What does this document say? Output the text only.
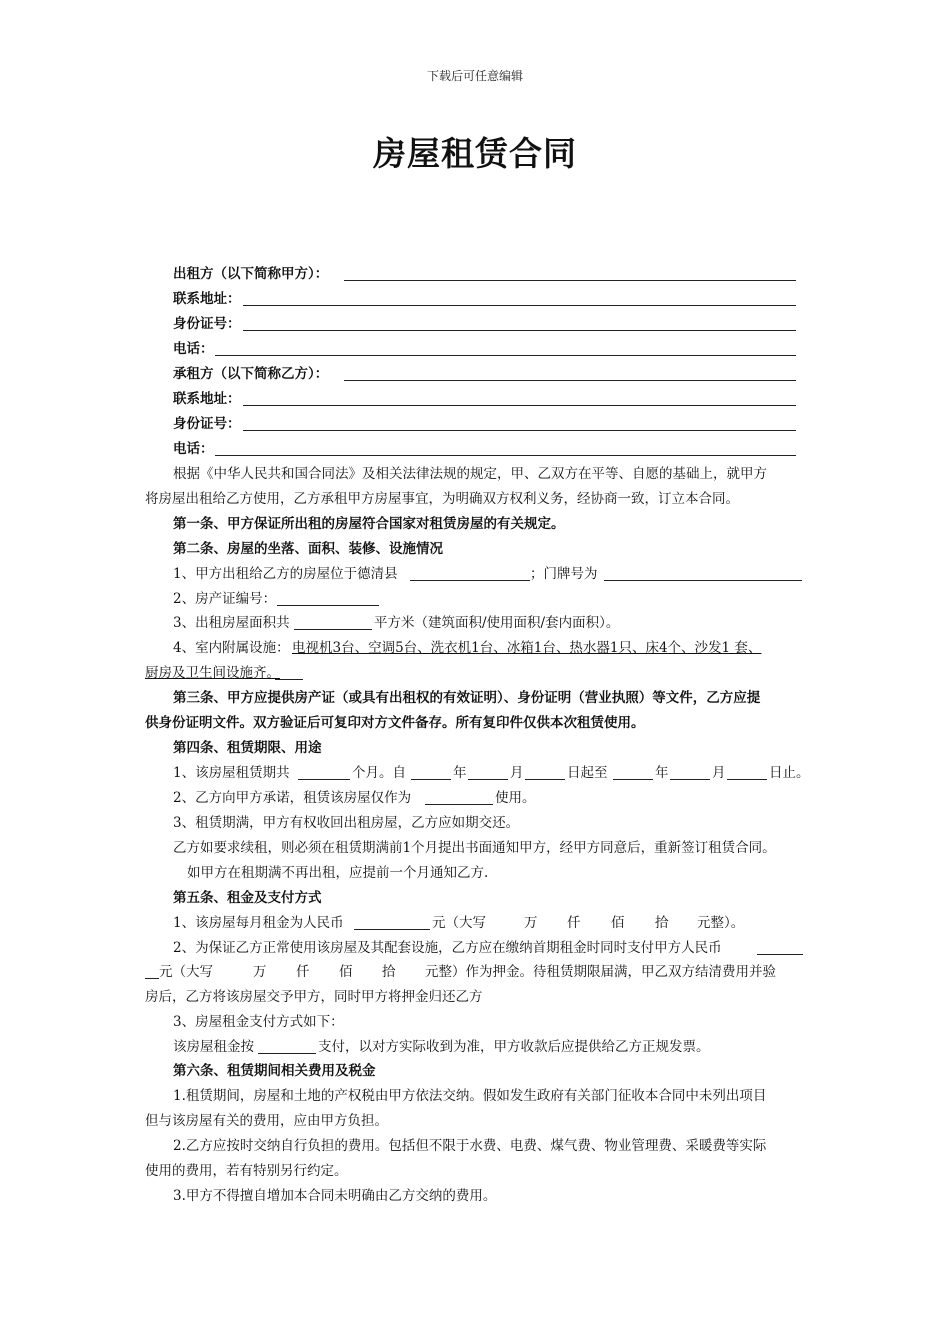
下载后可任意编辑
房屋租赁合同
出租方（以下简称甲方）：
联系地址：
身份证号：
电话：
承租方（以下简称乙方）：
联系地址：
身份证号：
电话：
根据《中华人民共和国合同法》及相关法律法规的规定，甲、乙双方在平等、自愿的基础上，就甲方
将房屋出租给乙方使用，乙方承租甲方房屋事宜，为明确双方权利义务，经协商一致，订立本合同。
第一条、甲方保证所出租的房屋符合国家对租赁房屋的有关规定。
第二条、房屋的坐落、面积、装修、设施情况
1、甲方出租给乙方的房屋位于德清县	；门牌号为
2、房产证编号：
3、出租房屋面积共	平方米（建筑面积/使用面积/套内面积）。
4、室内附属设施： 电视机3台、空调5台、洗衣机1台、冰箱1台、热水器1只、床4个、沙发1 套、
厨房及卫生间设施齐。
第三条、甲方应提供房产证（或具有出租权的有效证明）、身份证明（营业执照）等文件，乙方应提
供身份证明文件。双方验证后可复印对方文件备存。所有复印件仅供本次租赁使用。
第四条、租赁期限、用途
1、该房屋租赁期共	个月。自	年	月	日起至	年	月	日止。
2、乙方向甲方承诺，租赁该房屋仅作为	使用。
3、租赁期满，甲方有权收回出租房屋，乙方应如期交还。
乙方如要求续租，则必须在租赁期满前1个月提出书面通知甲方，经甲方同意后，重新签订租赁合同。
如甲方在租期满不再出租，应提前一个月通知乙方.
第五条、租金及支付方式
1、该房屋每月租金为人民币	元（大写	万 仟 佰 拾 元整）。
2、为保证乙方正常使用该房屋及其配套设施，乙方应在缴纳首期租金时同时支付甲方人民币
元（大写	万 仟 佰 拾 元整）作为押金。待租赁期限届满，甲乙双方结清费用并验
房后，乙方将该房屋交予甲方，同时甲方将押金归还乙方
3、房屋租金支付方式如下：
该房屋租金按	支付，以对方实际收到为准，甲方收款后应提供给乙方正规发票。
第六条、租赁期间相关费用及税金
1.租赁期间，房屋和土地的产权税由甲方依法交纳。假如发生政府有关部门征收本合同中未列出项目
但与该房屋有关的费用，应由甲方负担。
2.乙方应按时交纳自行负担的费用。包括但不限于水费、电费、煤气费、物业管理费、采暖费等实际
使用的费用，若有特别另行约定。
3.甲方不得擅自增加本合同未明确由乙方交纳的费用。
